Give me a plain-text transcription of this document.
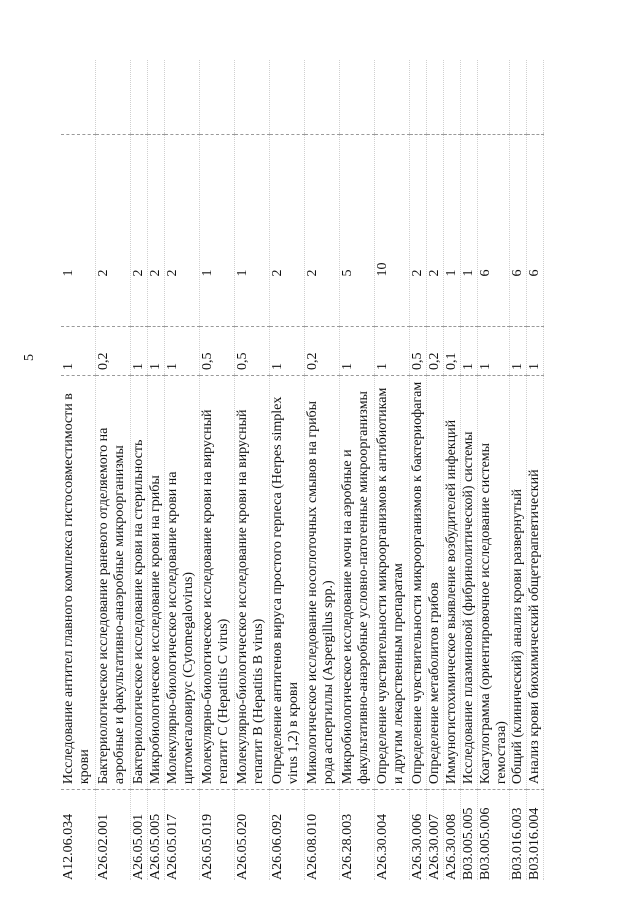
5
A12.06.034	Исследование антител главного комплекса гистосовместимости в крови	1	1	
A26.02.001	Бактериологическое исследование раневого отделяемого на аэробные и факультативно-анаэробные микроорганизмы	0,2	2	
A26.05.001	Бактериологическое исследование крови на стерильность	1	2	
A26.05.005	Микробиологическое исследование крови на грибы	1	2	
A26.05.017	Молекулярно-биологическое исследование крови на цитомегаловирус (Cytomegalovirus)	1	2	
A26.05.019	Молекулярно-биологическое исследование крови на вирусный гепатит C (Hepatitis C virus)	0,5	1	
A26.05.020	Молекулярно-биологическое исследование крови на вирусный гепатит B (Hepatitis B virus)	0,5	1	
A26.06.092	Определение антигенов вируса простого герпеса (Herpes simplex virus 1,2) в крови	1	2	
A26.08.010	Микологическое исследование носоглоточных смывов на грибы рода аспергиллы (Aspergillus spp.)	0,2	2	
A26.28.003	Микробиологическое исследование мочи на аэробные и факультативно-анаэробные условно-патогенные микроорганизмы	1	5	
A26.30.004	Определение чувствительности микроорганизмов к антибиотикам и другим лекарственным препаратам	1	10	
A26.30.006	Определение чувствительности микроорганизмов к бактериофагам	0,5	2	
A26.30.007	Определение метаболитов грибов	0,2	2	
A26.30.008	Иммуногистохимическое выявление возбудителей инфекций	0,1	1	
B03.005.005	Исследование плазминовой (фибринолитической) системы	1	1	
B03.005.006	Коагулограмма (ориентировочное исследование системы гемостаза)	1	6	
B03.016.003	Общий (клинический) анализ крови развернутый	1	6	
B03.016.004	Анализ крови биохимический общетерапевтический	1	6	
